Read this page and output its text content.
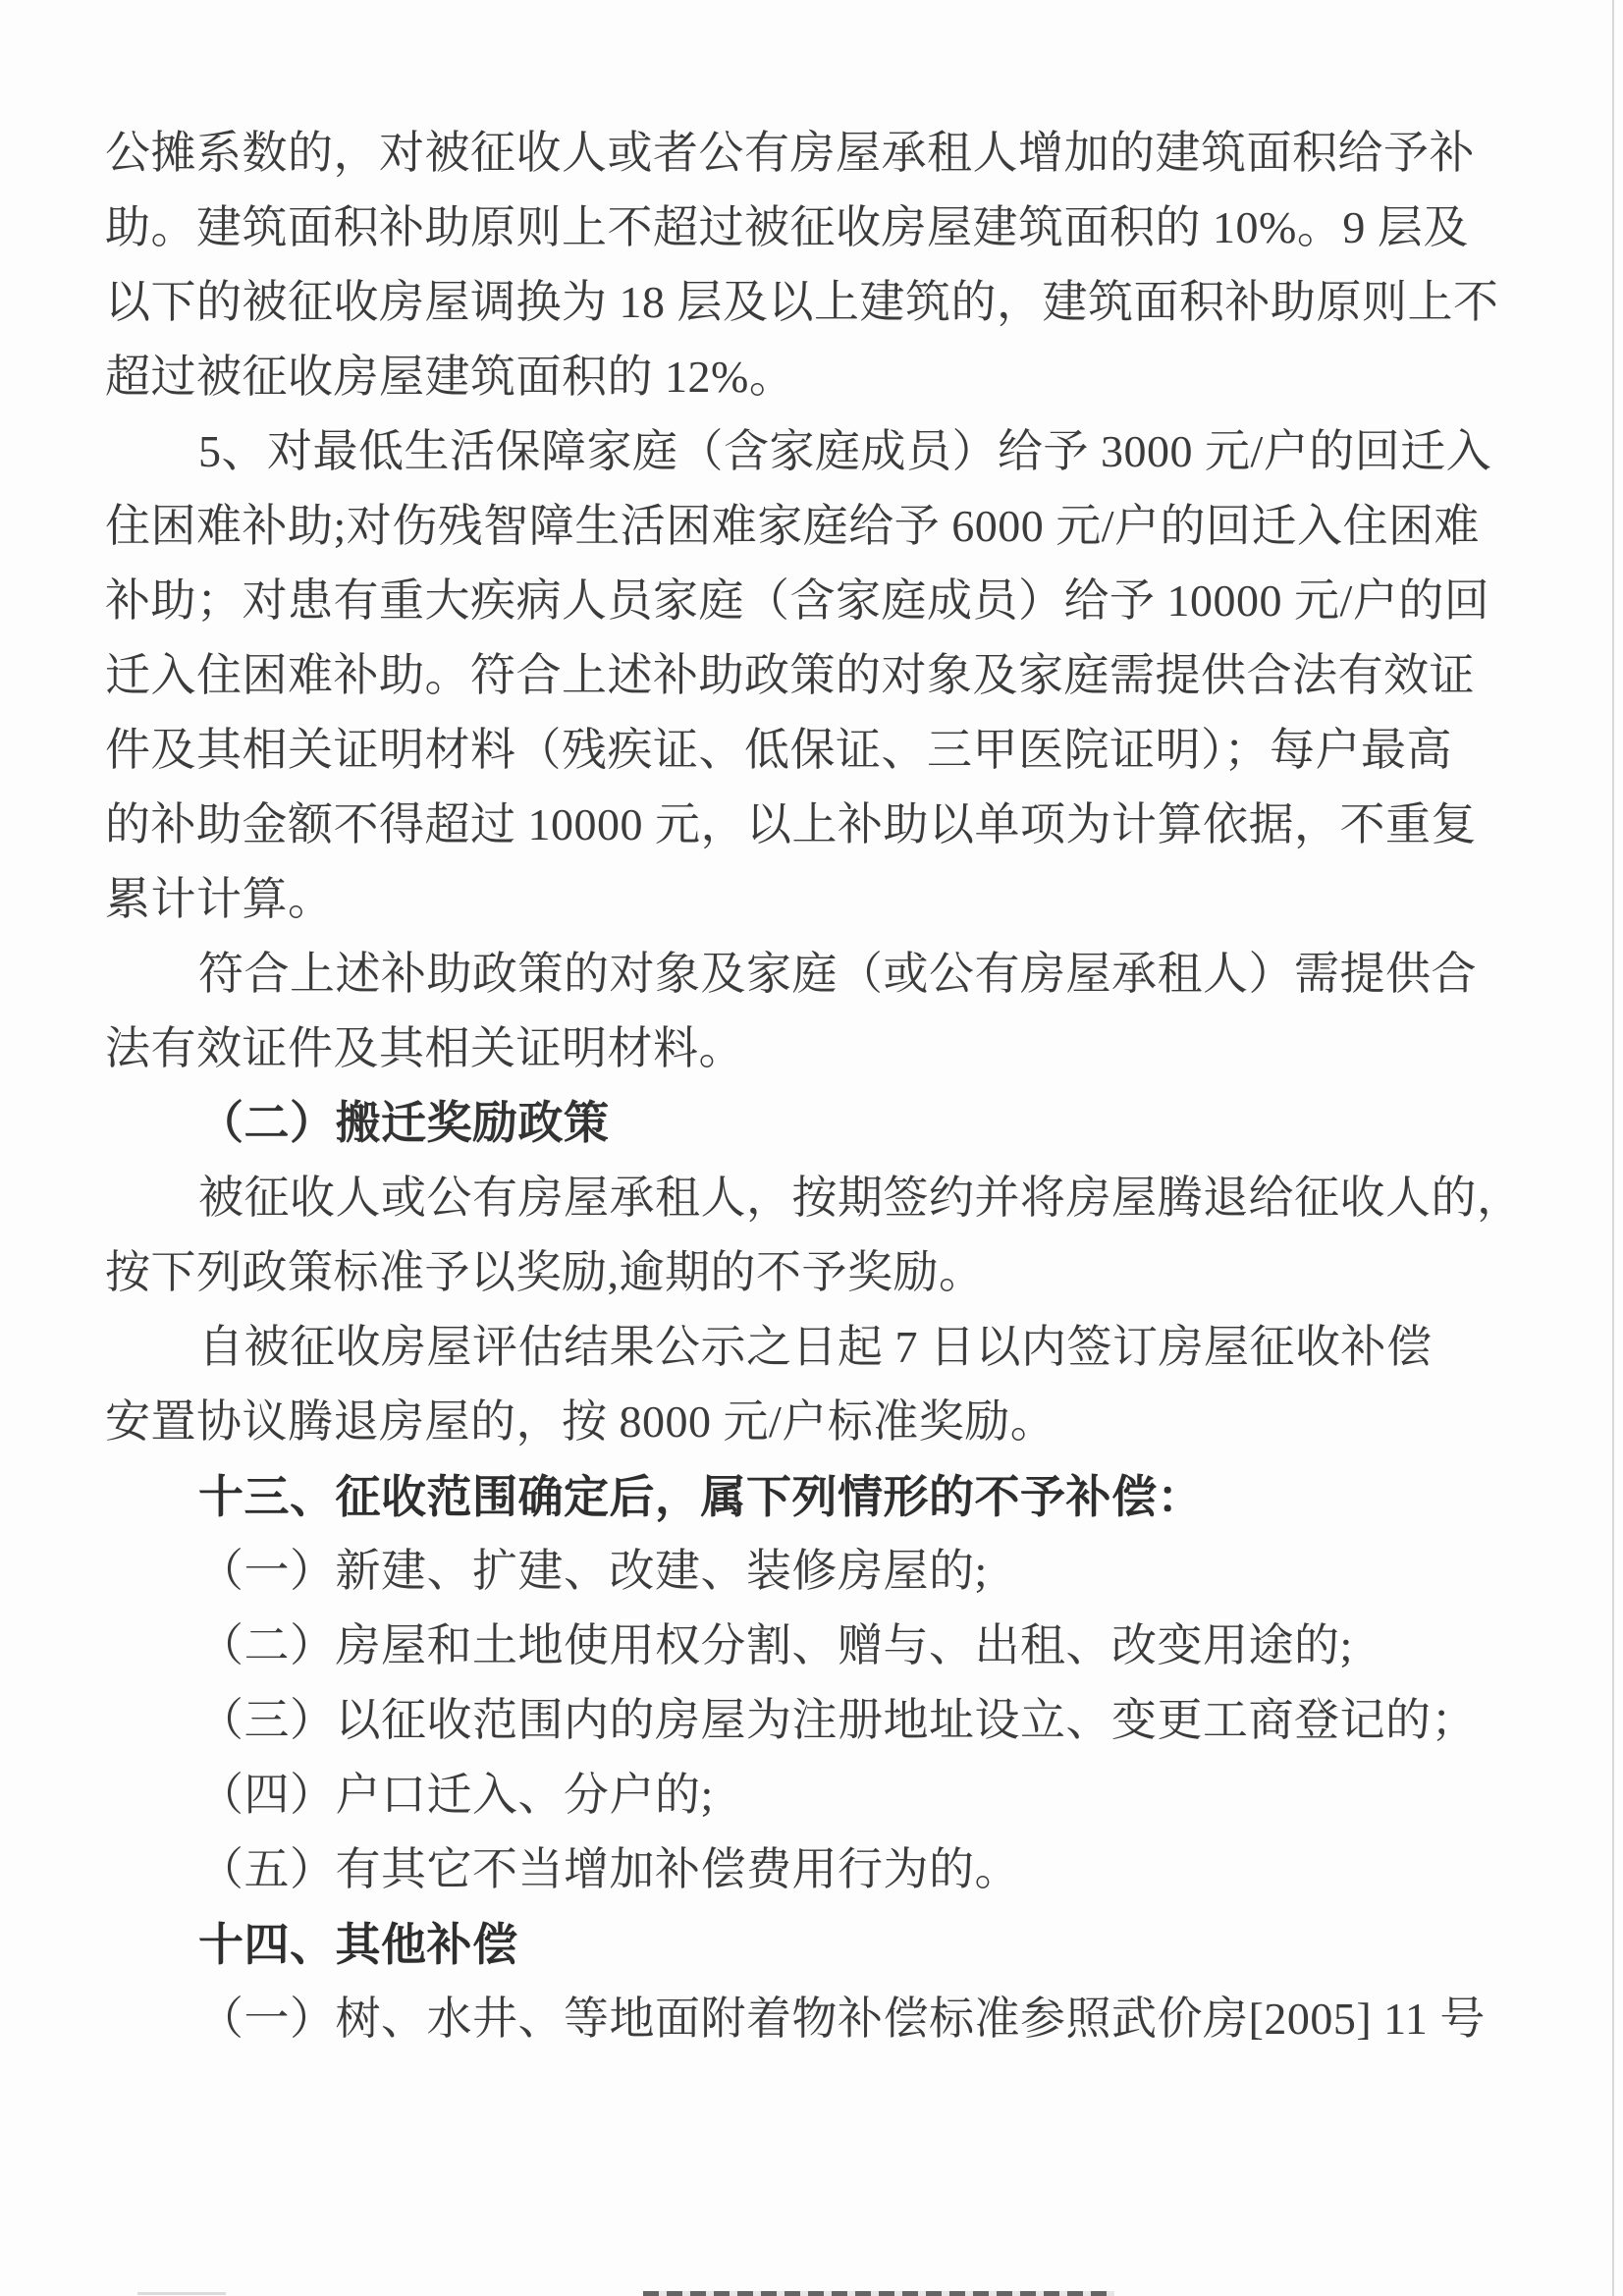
公摊系数的，对被征收人或者公有房屋承租人增加的建筑面积给予补
助。建筑面积补助原则上不超过被征收房屋建筑面积的 10%。9 层及
以下的被征收房屋调换为 18 层及以上建筑的，建筑面积补助原则上不
超过被征收房屋建筑面积的 12%。
5、对最低生活保障家庭（含家庭成员）给予 3000 元/户的回迁入
住困难补助;对伤残智障生活困难家庭给予 6000 元/户的回迁入住困难
补助；对患有重大疾病人员家庭（含家庭成员）给予 10000 元/户的回
迁入住困难补助。符合上述补助政策的对象及家庭需提供合法有效证
件及其相关证明材料（残疾证、低保证、三甲医院证明）；每户最高
的补助金额不得超过 10000 元，以上补助以单项为计算依据，不重复
累计计算。
符合上述补助政策的对象及家庭（或公有房屋承租人）需提供合
法有效证件及其相关证明材料。
（二）搬迁奖励政策
被征收人或公有房屋承租人，按期签约并将房屋腾退给征收人的，
按下列政策标准予以奖励,逾期的不予奖励。
自被征收房屋评估结果公示之日起 7 日以内签订房屋征收补偿
安置协议腾退房屋的，按 8000 元/户标准奖励。
十三、征收范围确定后，属下列情形的不予补偿：
（一）新建、扩建、改建、装修房屋的;
（二）房屋和土地使用权分割、赠与、出租、改变用途的;
（三）以征收范围内的房屋为注册地址设立、变更工商登记的；
（四）户口迁入、分户的;
（五）有其它不当增加补偿费用行为的。
十四、其他补偿
（一）树、水井、等地面附着物补偿标准参照武价房[2005] 11 号
